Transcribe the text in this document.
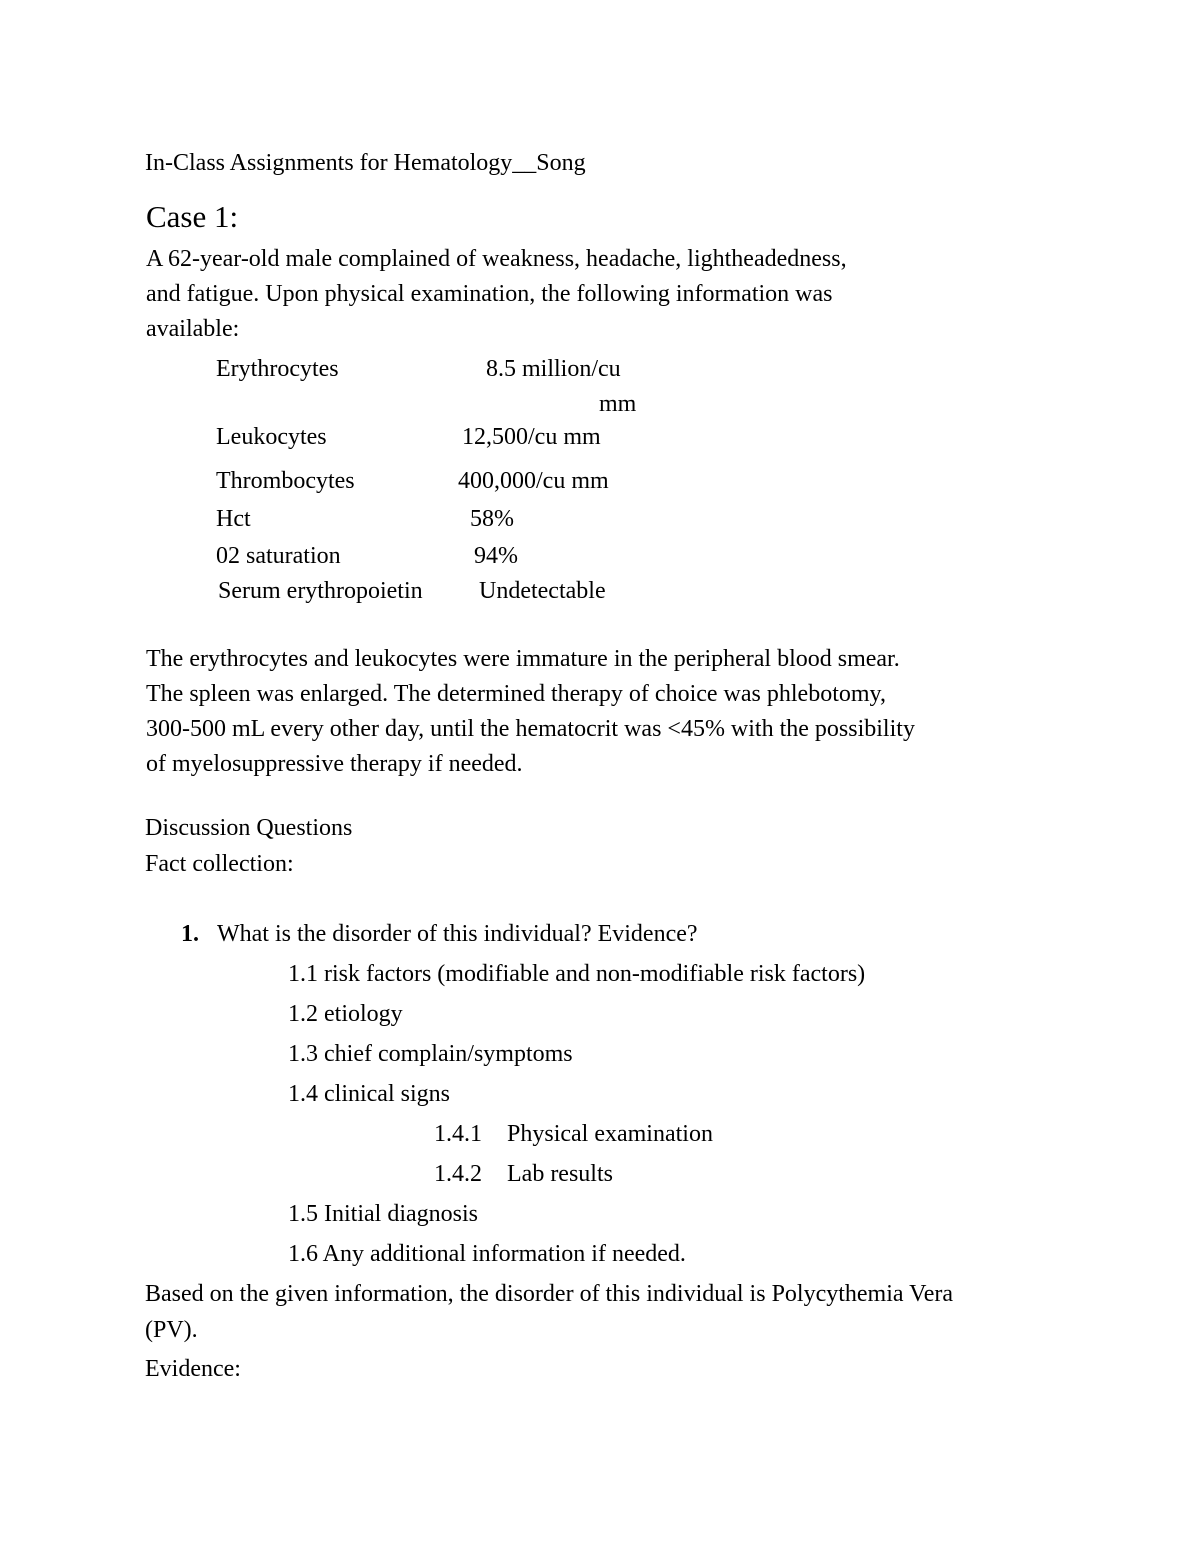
In-Class Assignments for Hematology__Song
Case 1:
A 62-year-old male complained of weakness, headache, lightheadedness,
and fatigue. Upon physical examination, the following information was
available:
Erythrocytes	8.5 million/cu
mm
Leukocytes	12,500/cu mm
Thrombocytes	400,000/cu mm
Hct	58%
02 saturation	94%
Serum erythropoietin Undetectable
The erythrocytes and leukocytes were immature in the peripheral blood smear.
The spleen was enlarged. The determined therapy of choice was phlebotomy,
300-500 mL every other day, until the hematocrit was <45% with the possibility
of myelosuppressive therapy if needed.
Discussion Questions
Fact collection:
1. What is the disorder of this individual? Evidence?
1.1 risk factors (modifiable and non-modifiable risk factors)
1.2 etiology
1.3 chief complain/symptoms
1.4 clinical signs
1.4.1 Physical examination
1.4.2 Lab results
1.5 Initial diagnosis
1.6 Any additional information if needed.
Based on the given information, the disorder of this individual is Polycythemia Vera
(PV).
Evidence:
